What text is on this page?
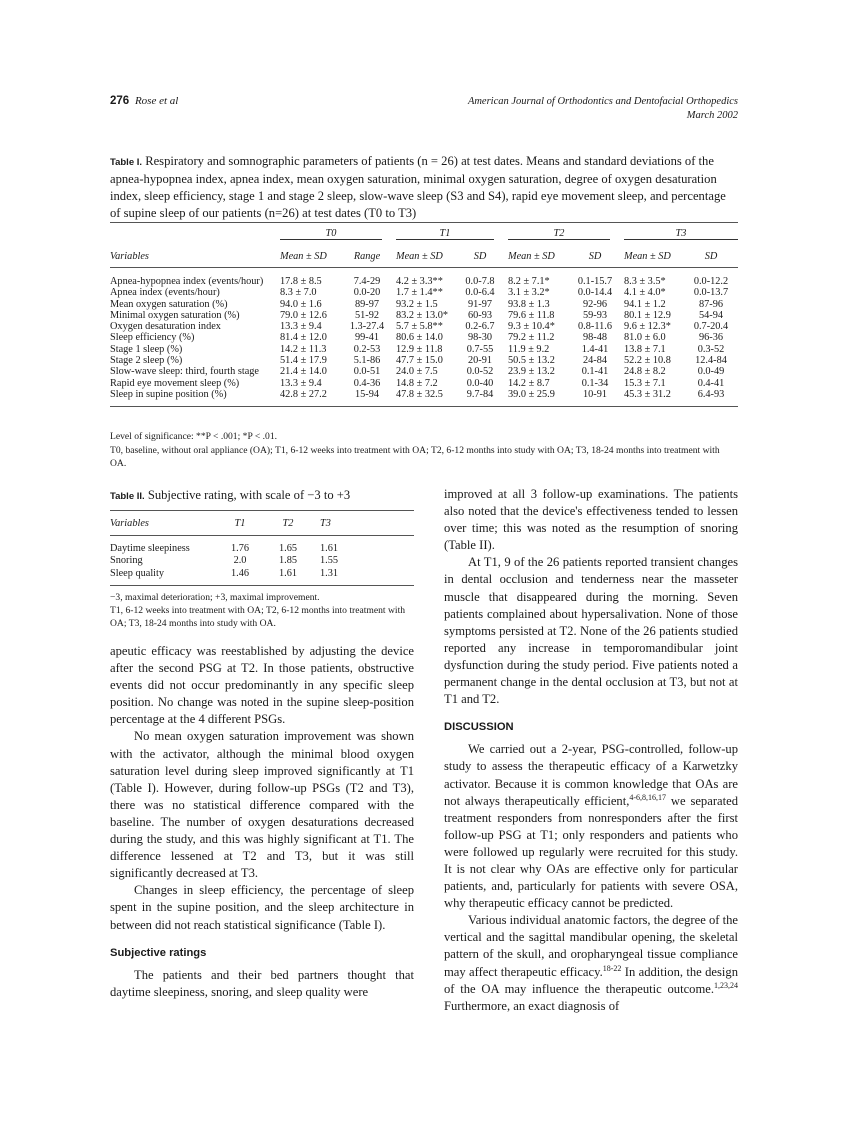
276 Rose et al	American Journal of Orthodontics and Dentofacial Orthopedics
March 2002
Table I. Respiratory and somnographic parameters of patients (n = 26) at test dates. Means and standard deviations of the apnea-hypopnea index, apnea index, mean oxygen saturation, minimal oxygen saturation, degree of oxygen desaturation index, sleep efficiency, stage 1 and stage 2 sleep, slow-wave sleep (S3 and S4), rapid eye movement sleep, and percentage of supine sleep of our patients (n=26) at test dates (T0 to T3)

	T0		T1		T2		T3	

Variables	Mean ± SD	Range	Mean ± SD	SD	Mean ± SD	SD	Mean ± SD	SD

Apnea-hypopnea index (events/hour)	17.8 ± 8.5	7.4-29	4.2 ± 3.3**	0.0-7.8	8.2 ± 7.1*	0.1-15.7	8.3 ± 3.5*	0.0-12.2
Apnea index (events/hour)	8.3 ± 7.0	0.0-20	1.7 ± 1.4**	0.0-6.4	3.1 ± 3.2*	0.0-14.4	4.1 ± 4.0*	0.0-13.7
Mean oxygen saturation (%)	94.0 ± 1.6	89-97	93.2 ± 1.5	91-97	93.8 ± 1.3	92-96	94.1 ± 1.2	87-96
Minimal oxygen saturation (%)	79.0 ± 12.6	51-92	83.2 ± 13.0*	60-93	79.6 ± 11.8	59-93	80.1 ± 12.9	54-94
Oxygen desaturation index	13.3 ± 9.4	1.3-27.4	5.7 ± 5.8**	0.2-6.7	9.3 ± 10.4*	0.8-11.6	9.6 ± 12.3*	0.7-20.4
Sleep efficiency (%)	81.4 ± 12.0	99-41	80.6 ± 14.0	98-30	79.2 ± 11.2	98-48	81.0 ± 6.0	96-36
Stage 1 sleep (%)	14.2 ± 11.3	0.2-53	12.9 ± 11.8	0.7-55	11.9 ± 9.2	1.4-41	13.8 ± 7.1	0.3-52
Stage 2 sleep (%)	51.4 ± 17.9	5.1-86	47.7 ± 15.0	20-91	50.5 ± 13.2	24-84	52.2 ± 10.8	12.4-84
Slow-wave sleep: third, fourth stage	21.4 ± 14.0	0.0-51	24.0 ± 7.5	0.0-52	23.9 ± 13.2	0.1-41	24.8 ± 8.2	0.0-49
Rapid eye movement sleep (%)	13.3 ± 9.4	0.4-36	14.8 ± 7.2	0.0-40	14.2 ± 8.7	0.1-34	15.3 ± 7.1	0.4-41
Sleep in supine position (%)	42.8 ± 27.2	15-94	47.8 ± 32.5	9.7-84	39.0 ± 25.9	10-91	45.3 ± 31.2	6.4-93

Level of significance: **P < .001; *P < .01.
T0, baseline, without oral appliance (OA); T1, 6-12 weeks into treatment with OA; T2, 6-12 months into study with OA; T3, 18-24 months into treatment with OA.
Table II. Subjective rating, with scale of −3 to +3
Variables	T1	T2	T3

Daytime sleepiness	1.76	1.65	1.61
Snoring	2.0	1.85	1.55
Sleep quality	1.46	1.61	1.31

−3, maximal deterioration; +3, maximal improvement.
T1, 6-12 weeks into treatment with OA; T2, 6-12 months into treatment with OA; T3, 18-24 months into study with OA.

apeutic efficacy was reestablished by adjusting the device after the second PSG at T2. In those patients, obstructive events did not occur predominantly in any specific sleep position. No change was noted in the supine sleep-position percentage at the 4 different PSGs.

No mean oxygen saturation improvement was shown with the activator, although the minimal blood oxygen saturation level during sleep improved significantly at T1 (Table I). However, during follow-up PSGs (T2 and T3), there was no statistical difference compared with the baseline. The number of oxygen desaturations decreased during the study, and this was highly significant at T1. The difference lessened at T2 and T3, but it was still significantly decreased at T3.

Changes in sleep efficiency, the percentage of sleep spent in the supine position, and the sleep architecture in between did not reach statistical significance (Table I).

Subjective ratings

The patients and their bed partners thought that daytime sleepiness, snoring, and sleep quality were

improved at all 3 follow-up examinations. The patients also noted that the device's effectiveness tended to lessen over time; this was noted as the resumption of snoring (Table II).

At T1, 9 of the 26 patients reported transient changes in dental occlusion and tenderness near the masseter muscle that disappeared during the morning. Seven patients complained about hypersalivation. None of those symptoms persisted at T2. None of the 26 patients studied reported any increase in temporomandibular joint dysfunction during the study period. Five patients noted a permanent change in the dental occlusion at T3, but not at T1 and T2.

DISCUSSION

We carried out a 2-year, PSG-controlled, follow-up study to assess the therapeutic efficacy of a Karwetzky activator. Because it is common knowledge that OAs are not always therapeutically efficient,$^{4-6,8,16,17}$ we separated treatment responders from nonresponders after the first follow-up PSG at T1; only responders and patients who were followed up regularly were recruited for this study. It is not clear why OAs are effective only for particular patients, and, particularly for patients with severe OSA, why therapeutic efficacy cannot be predicted.

Various individual anatomic factors, the degree of the vertical and the sagittal mandibular opening, the skeletal pattern of the skull, and oropharyngeal tissue compliance may affect therapeutic efficacy.$^{18-22}$ In addition, the design of the OA may influence the therapeutic outcome.$^{1,23,24}$ Furthermore, an exact diagnosis of
